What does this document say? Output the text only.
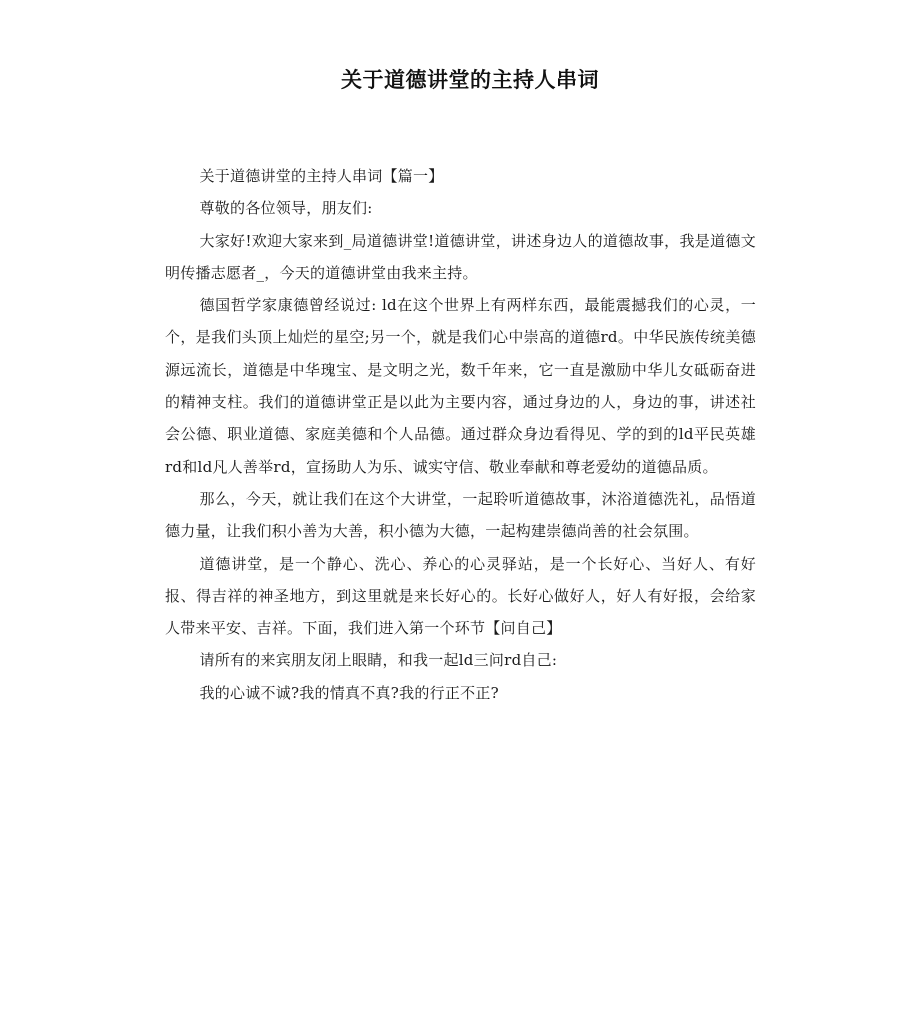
关于道德讲堂的主持人串词

关于道德讲堂的主持人串词【篇一】

尊敬的各位领导，朋友们:

大家好!欢迎大家来到_局道德讲堂!道德讲堂，讲述身边人的道德故事，我是道德文明传播志愿者_，今天的道德讲堂由我来主持。

德国哲学家康德曾经说过: ld在这个世界上有两样东西，最能震撼我们的心灵，一个，是我们头顶上灿烂的星空;另一个，就是我们心中崇高的道德rd。中华民族传统美德源远流长，道德是中华瑰宝、是文明之光，数千年来，它一直是激励中华儿女砥砺奋进的精神支柱。我们的道德讲堂正是以此为主要内容，通过身边的人，身边的事，讲述社会公德、职业道德、家庭美德和个人品德。通过群众身边看得见、学的到的ld平民英雄rd和ld凡人善举rd，宣扬助人为乐、诚实守信、敬业奉献和尊老爱幼的道德品质。

那么，今天，就让我们在这个大讲堂，一起聆听道德故事，沐浴道德洗礼，品悟道德力量，让我们积小善为大善，积小德为大德，一起构建崇德尚善的社会氛围。

道德讲堂，是一个静心、洗心、养心的心灵驿站，是一个长好心、当好人、有好报、得吉祥的神圣地方，到这里就是来长好心的。长好心做好人，好人有好报，会给家人带来平安、吉祥。下面，我们进入第一个环节【问自己】

请所有的来宾朋友闭上眼睛，和我一起ld三问rd自己:

我的心诚不诚?我的情真不真?我的行正不正?
